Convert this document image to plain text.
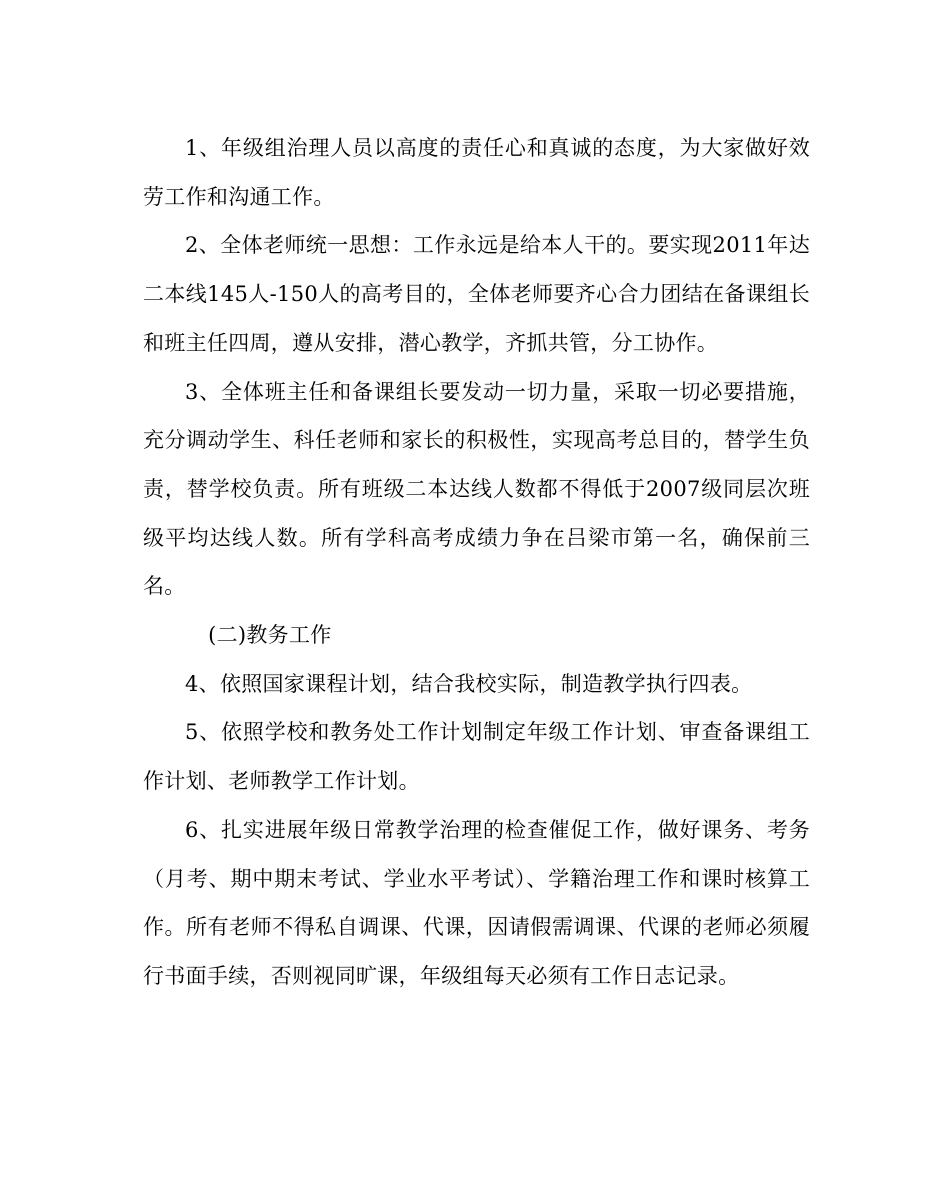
1、年级组治理人员以高度的责任心和真诚的态度，为大家做好效劳工作和沟通工作。

2、全体老师统一思想：工作永远是给本人干的。要实现2011年达二本线145人-150人的高考目的，全体老师要齐心合力团结在备课组长和班主任四周，遵从安排，潜心教学，齐抓共管，分工协作。

3、全体班主任和备课组长要发动一切力量，采取一切必要措施，充分调动学生、科任老师和家长的积极性，实现高考总目的，替学生负责，替学校负责。所有班级二本达线人数都不得低于2007级同层次班级平均达线人数。所有学科高考成绩力争在吕梁市第一名，确保前三名。

(二)教务工作

4、依照国家课程计划，结合我校实际，制造教学执行四表。

5、依照学校和教务处工作计划制定年级工作计划、审查备课组工作计划、老师教学工作计划。

6、扎实进展年级日常教学治理的检查催促工作，做好课务、考务（月考、期中期末考试、学业水平考试）、学籍治理工作和课时核算工作。所有老师不得私自调课、代课，因请假需调课、代课的老师必须履行书面手续，否则视同旷课，年级组每天必须有工作日志记录。
